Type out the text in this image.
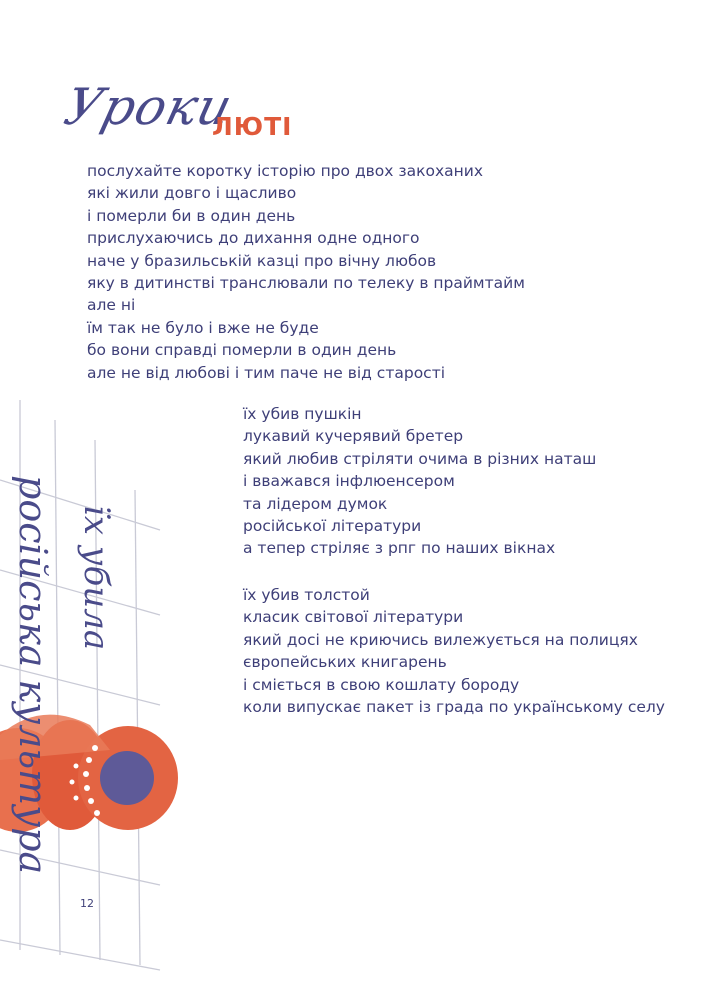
Уроки
ЛЮТІ
послухайте коротку історію про двох закоханих
які жили довго і щасливо
і померли би в один день
прислухаючись до дихання одне одного
наче у бразильській казці про вічну любов
яку в дитинстві транслювали по телеку в праймтайм
але ні
їм так не було і вже не буде
бо вони справді померли в один день
але не від любові і тим паче не від старості
їх убив пушкін
лукавий кучерявий бретер
який любив стріляти очима в різних наташ
і вважався інфлюенсером
та лідером думок
російської літератури
а тепер стріляє з рпг по наших вікнах
їх убив толстой
класик світової літератури
який досі не криючись вилежується на полицях
європейських книгарень
і сміється в свою кошлату бороду
коли випускає пакет із града по українському селу
російська культура їх убила
12
